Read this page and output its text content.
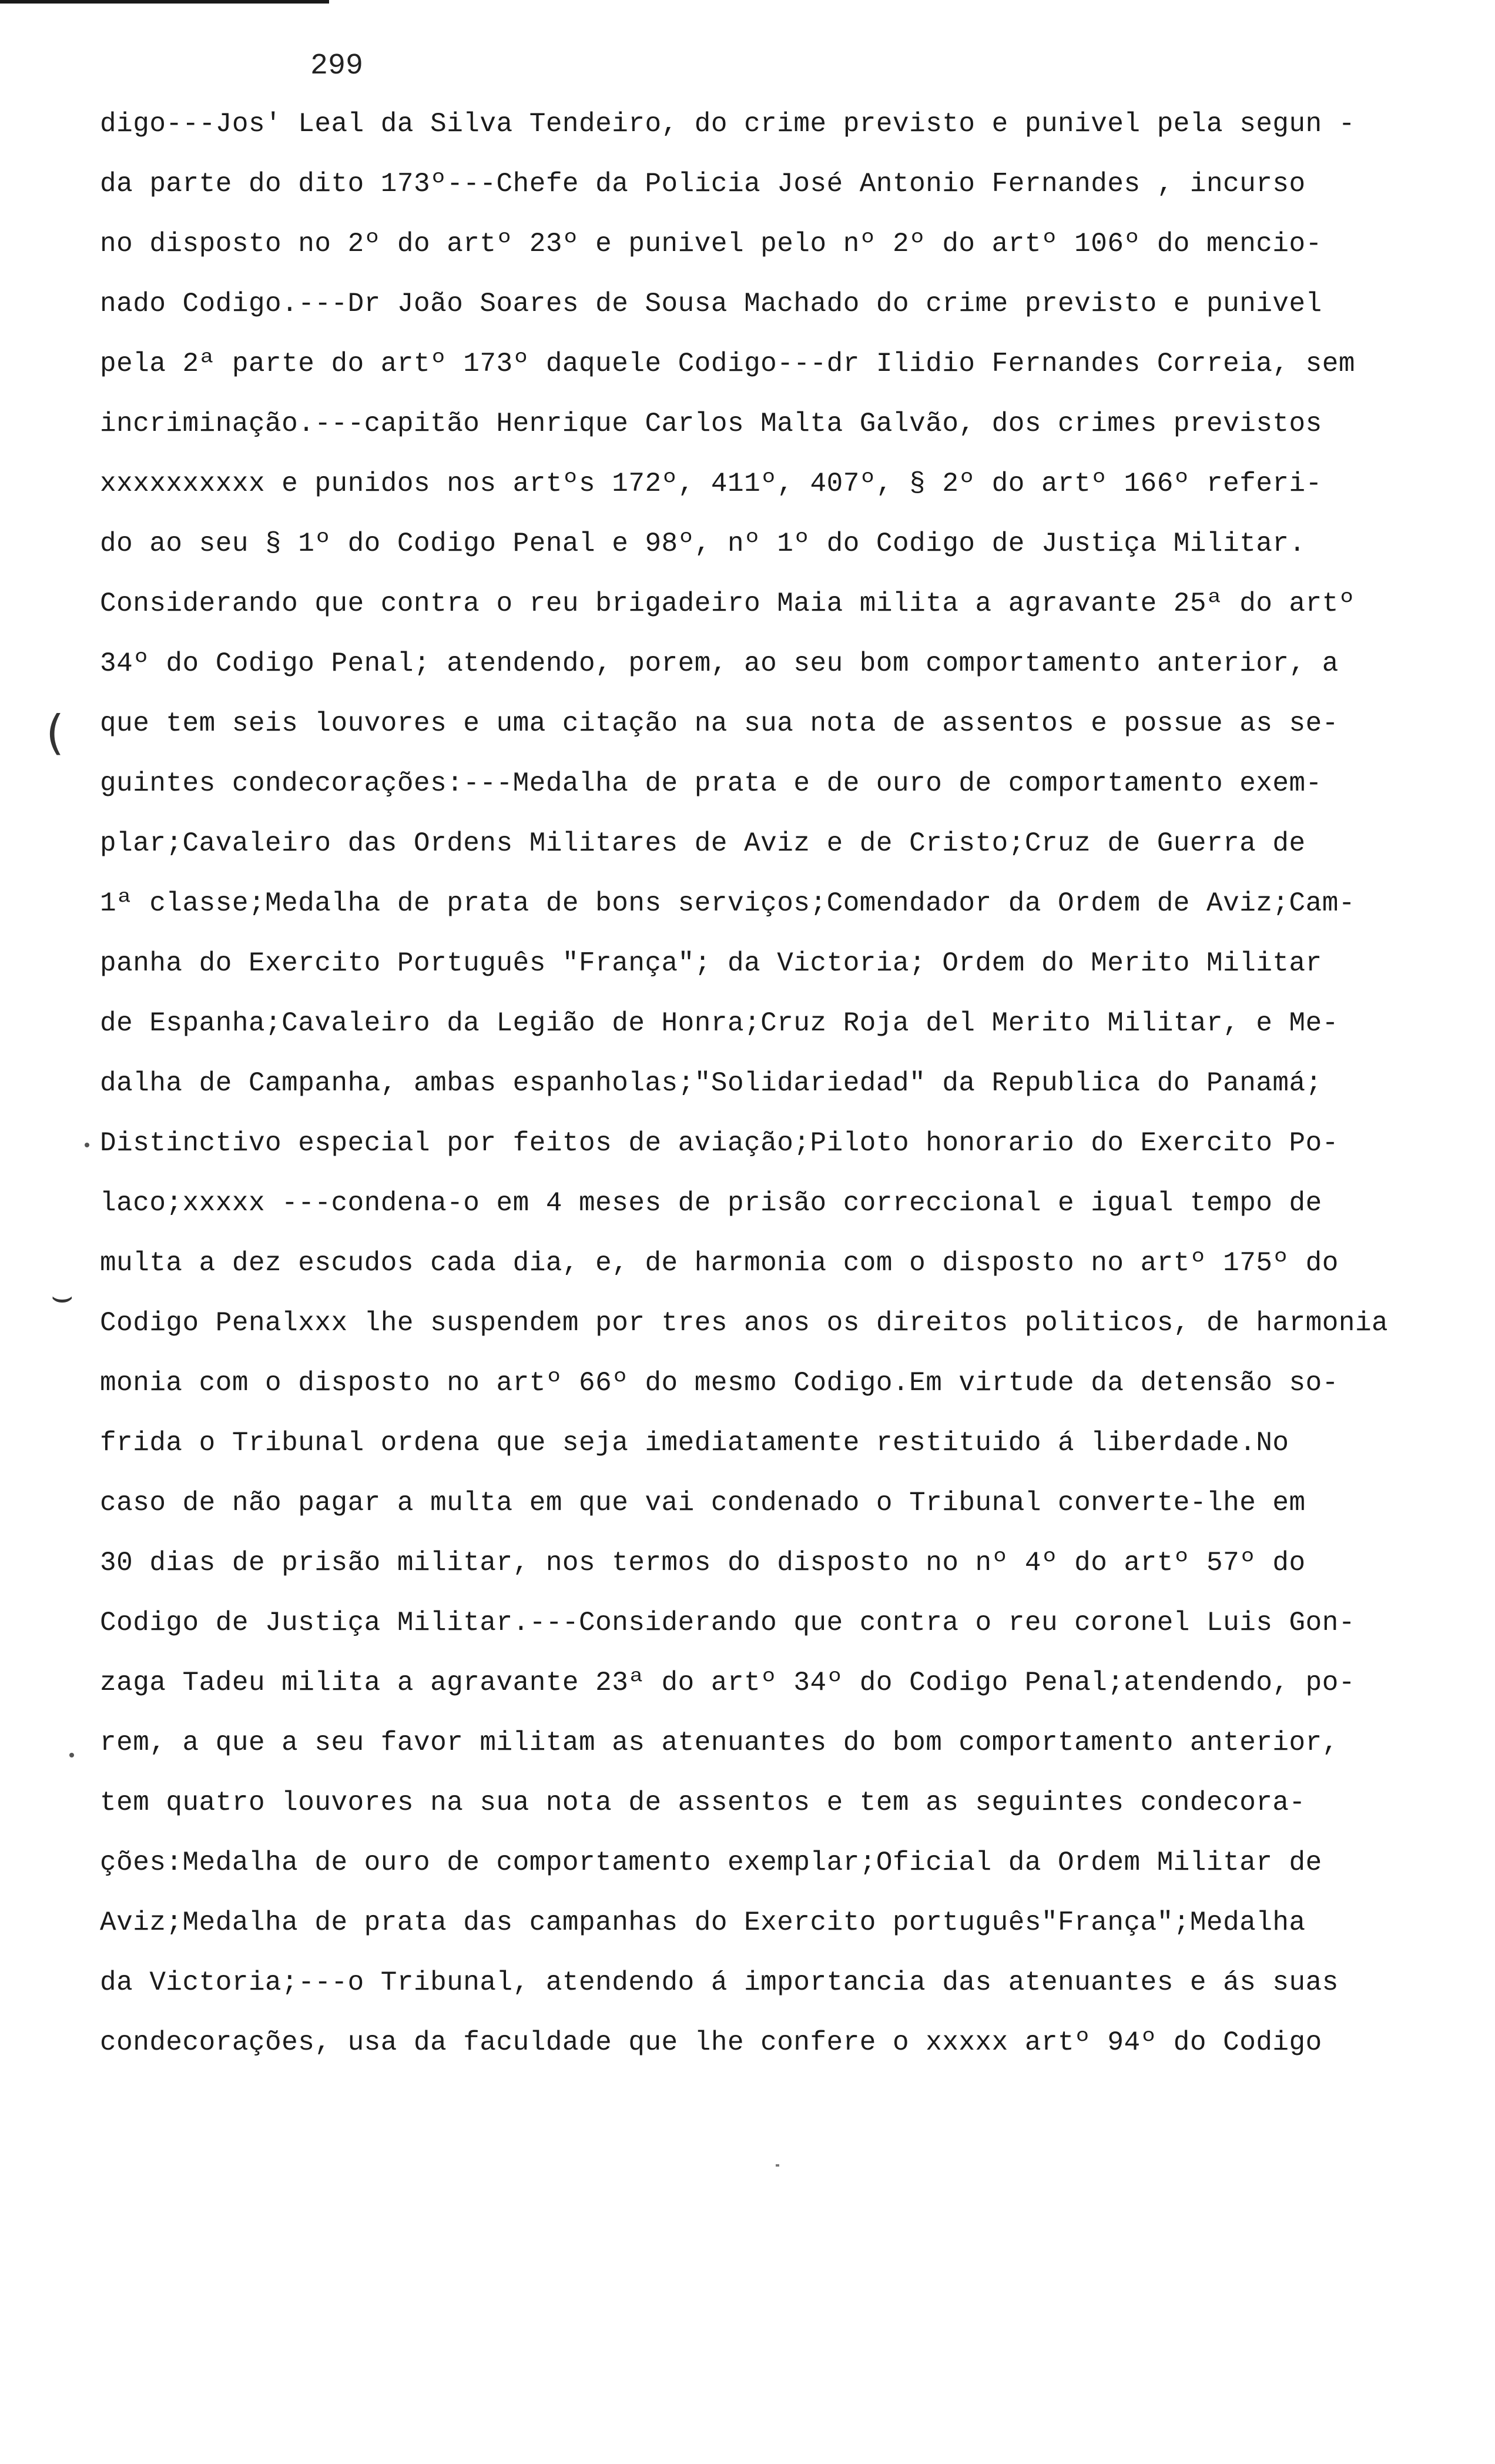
299
(
⌣
digo---Jos' Leal da Silva Tendeiro, do crime previsto e punivel pela segun -
da parte do dito 173º---Chefe da Policia José Antonio Fernandes , incurso
no disposto no 2º do artº 23º e punivel pelo nº 2º do artº 106º do mencio-
nado Codigo.---Dr João Soares de Sousa Machado do crime previsto e punivel
pela 2ª parte do artº 173º daquele Codigo---dr Ilidio Fernandes Correia, sem
incriminação.---capitão Henrique Carlos Malta Galvão, dos crimes previstos
xxxxxxxxxx e punidos nos artºs 172º, 411º, 407º, § 2º do artº 166º referi-
do ao seu § 1º do Codigo Penal e 98º, nº 1º do Codigo de Justiça Militar.
Considerando que contra o reu brigadeiro Maia milita a agravante 25ª do artº
34º do Codigo Penal; atendendo, porem, ao seu bom comportamento anterior, a
que tem seis louvores e uma citação na sua nota de assentos e possue as se-
guintes condecorações:---Medalha de prata e de ouro de comportamento exem-
plar;Cavaleiro das Ordens Militares de Aviz e de Cristo;Cruz de Guerra de
1ª classe;Medalha de prata de bons serviços;Comendador da Ordem de Aviz;Cam-
panha do Exercito Português "França"; da Victoria; Ordem do Merito Militar
de Espanha;Cavaleiro da Legião de Honra;Cruz Roja del Merito Militar, e Me-
dalha de Campanha, ambas espanholas;"Solidariedad" da Republica do Panamá;
Distinctivo especial por feitos de aviação;Piloto honorario do Exercito Po-
laco;xxxxx ---condena-o em 4 meses de prisão correccional e igual tempo de
multa a dez escudos cada dia, e, de harmonia com o disposto no artº 175º do
Codigo Penalxxx lhe suspendem por tres anos os direitos politicos, de harmonia
monia com o disposto no artº 66º do mesmo Codigo.Em virtude da detensão so-
frida o Tribunal ordena que seja imediatamente restituido á liberdade.No
caso de não pagar a multa em que vai condenado o Tribunal converte-lhe em
30 dias de prisão militar, nos termos do disposto no nº 4º do artº 57º do
Codigo de Justiça Militar.---Considerando que contra o reu coronel Luis Gon-
zaga Tadeu milita a agravante 23ª do artº 34º do Codigo Penal;atendendo, po-
rem, a que a seu favor militam as atenuantes do bom comportamento anterior,
tem quatro louvores na sua nota de assentos e tem as seguintes condecora-
ções:Medalha de ouro de comportamento exemplar;Oficial da Ordem Militar de
Aviz;Medalha de prata das campanhas do Exercito português"França";Medalha
da Victoria;---o Tribunal, atendendo á importancia das atenuantes e ás suas
condecorações, usa da faculdade que lhe confere o xxxxx artº 94º do Codigo
